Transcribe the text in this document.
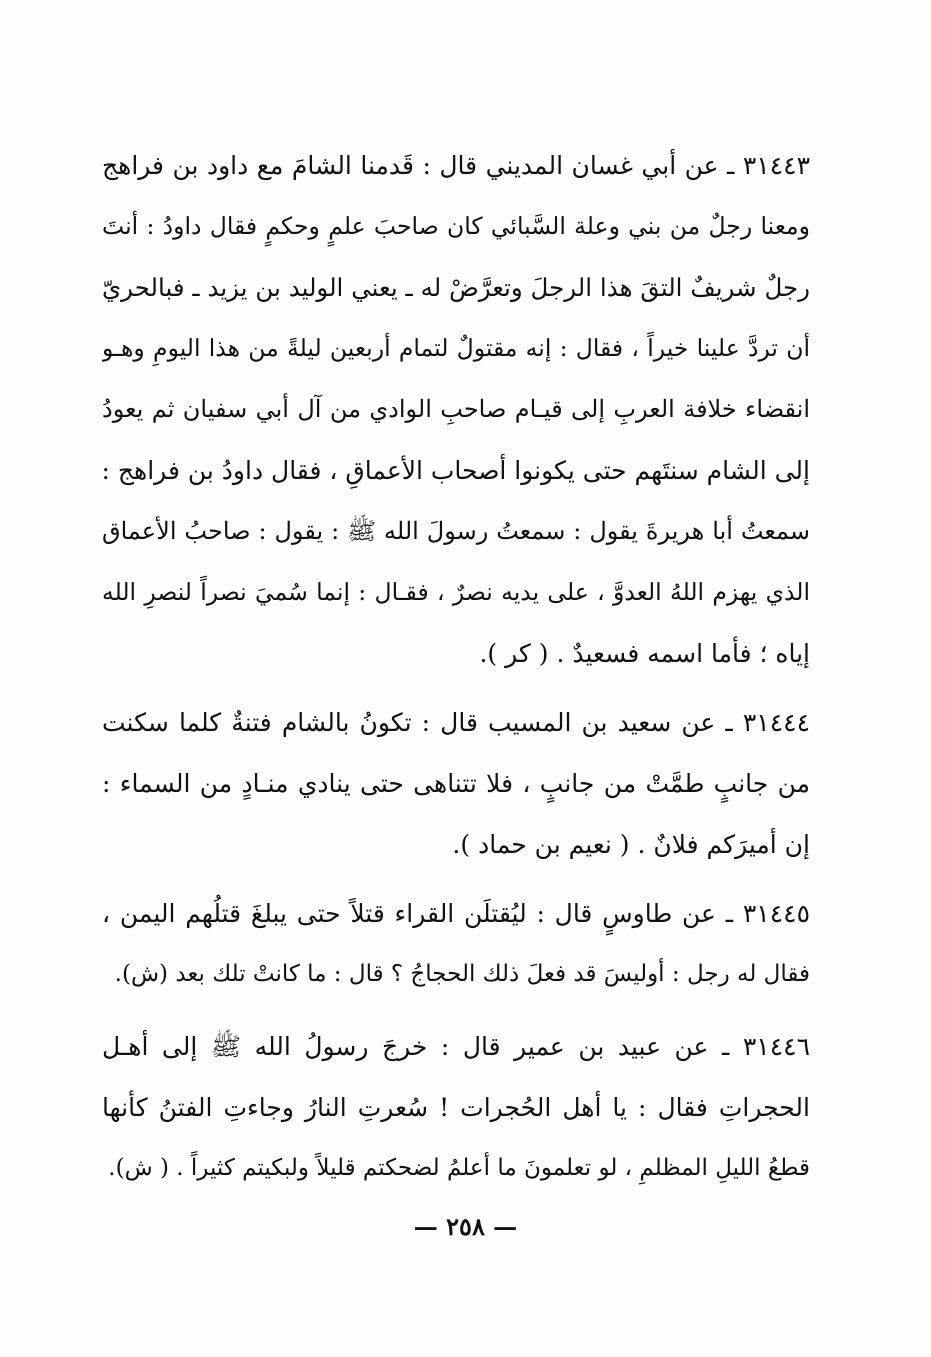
٣١٤٤٣ ـ عن أبي غسان المديني قال : قَدمنا الشامَ مع داود بن فراهج
ومعنا رجلٌ من بني وعلة السَّبائي كان صاحبَ علمٍ وحكمٍ فقال داودُ : أنتَ
رجلٌ شريفٌ التقَ هذا الرجلَ وتعرَّضْ له ـ يعني الوليد بن يزيد ـ فبالحريّ
أن تردَّ علينا خيراً ، فقال : إنه مقتولٌ لتمام أربعين ليلةً من هذا اليومِ وهـو
انقضاء خلافة العربِ إلى قيـام صاحبِ الوادي من آل أبي سفيان ثم يعودُ
إلى الشام سنتَهم حتى يكونوا أصحاب الأعماقِ ، فقال داودُ بن فراهج :
سمعتُ أبا هريرةَ يقول : سمعتُ رسولَ الله ﷺ : يقول : صاحبُ الأعماق
الذي يهزم اللهُ العدوَّ ، على يديه نصرٌ ، فقـال : إنما سُميَ نصراً لنصرِ الله
إياه ؛ فأما اسمه فسعيدٌ . ( كر ).
٣١٤٤٤ ـ عن سعيد بن المسيب قال : تكونُ بالشام فتنةٌ كلما سكنت
من جانبٍ طمَّتْ من جانبٍ ، فلا تتناهى حتى ينادي منـادٍ من السماء :
إن أميرَكم فلانٌ . ( نعيم بن حماد ).
٣١٤٤٥ ـ عن طاوسٍ قال : ليُقتلَن القراء قتلاً حتى يبلغَ قتلُهم اليمن ،
فقال له رجل : أوليسَ قد فعلَ ذلك الحجاجُ ؟ قال : ما كانتْ تلك بعد (ش).
٣١٤٤٦ ـ عن عبيد بن عمير قال : خرجَ رسولُ الله ﷺ إلى أهـل
الحجراتِ فقال : يا أهل الحُجرات ! سُعرتِ النارُ وجاءتِ الفتنُ كأنها
قطعُ الليلِ المظلمِ ، لو تعلمونَ ما أعلمُ لضحكتم قليلاً ولبكيتم كثيراً . ( ش).
— ٢٥٨ —
